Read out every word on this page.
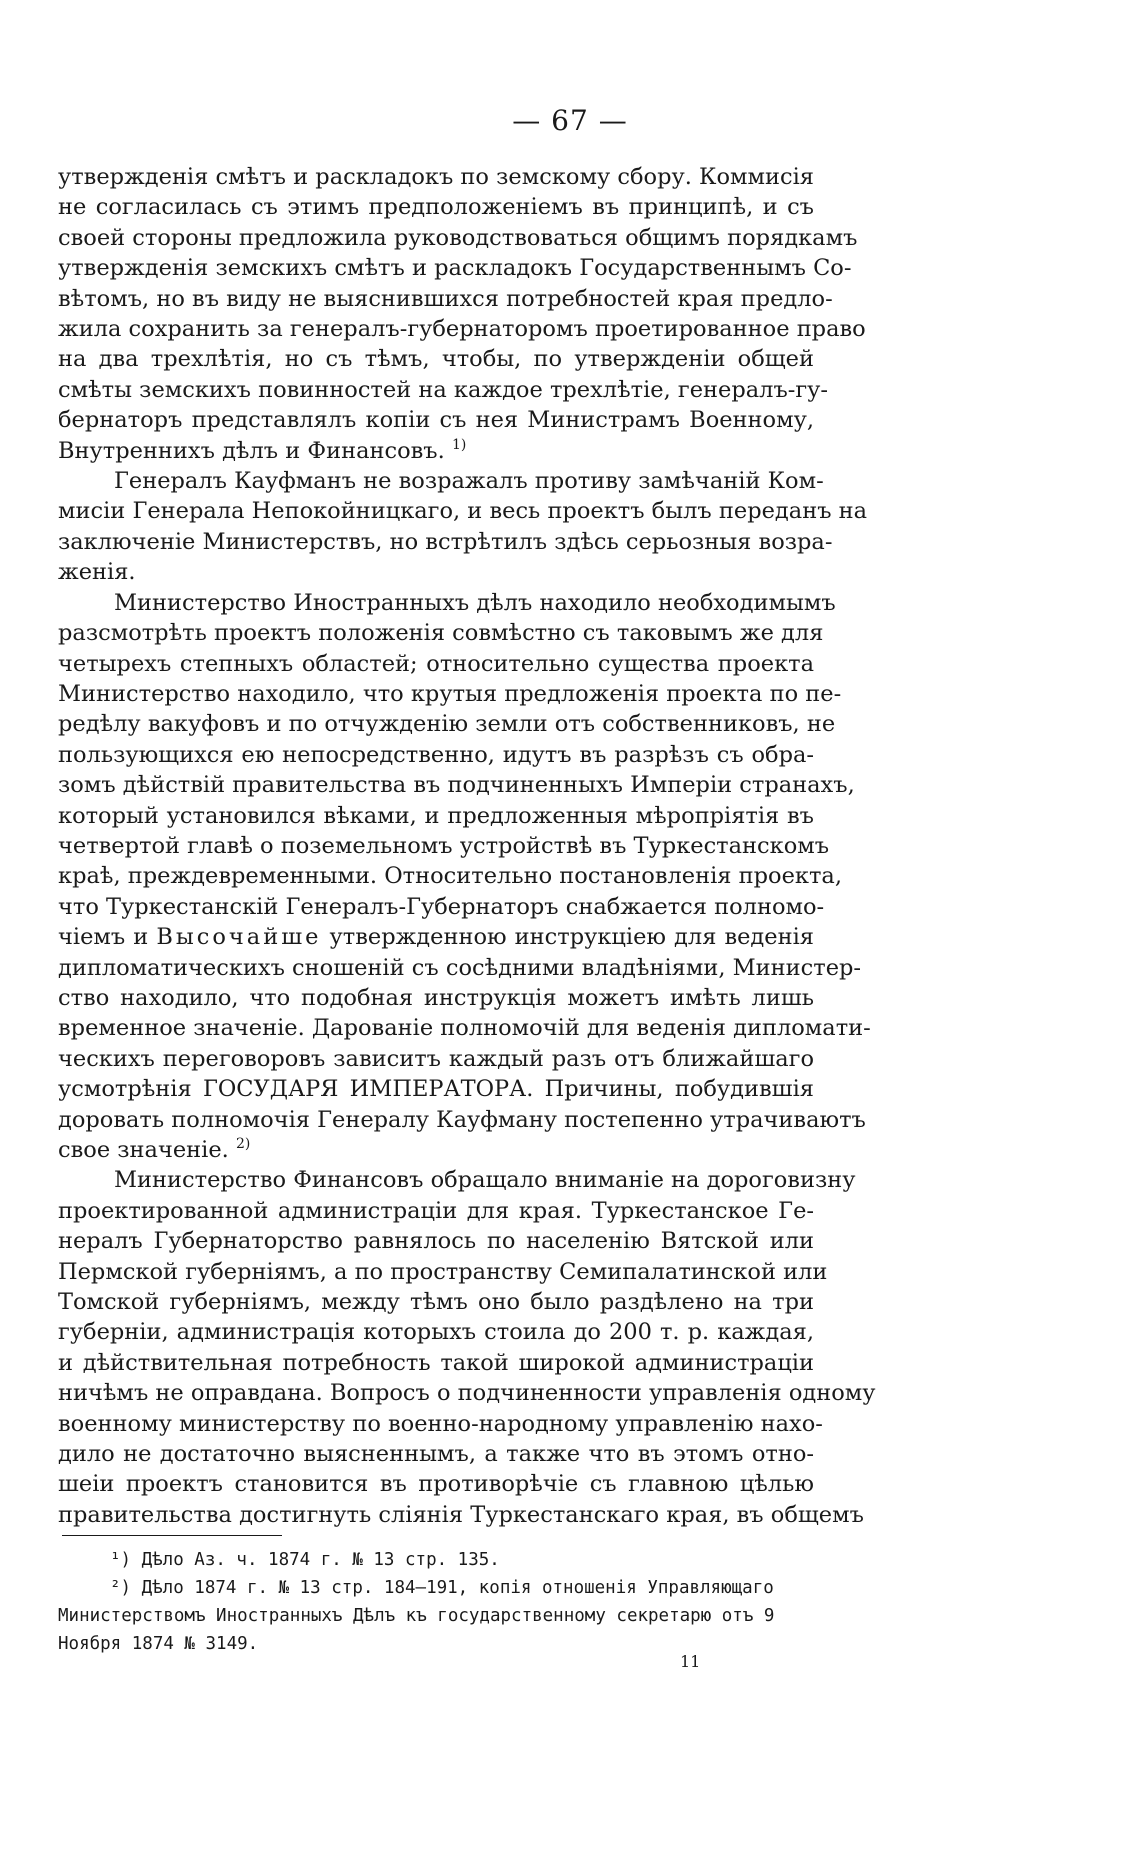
— 67 —

утвержденія смѣтъ и раскладокъ по земскому сбору. Коммисія
не согласилась съ этимъ предположеніемъ въ принципѣ, и съ
своей стороны предложила руководствоваться общимъ порядкамъ
утвержденія земскихъ смѣтъ и раскладокъ Государственнымъ Со-
вѣтомъ, но въ виду не выяснившихся потребностей края предло-
жила сохранить за генералъ-губернаторомъ проетированное право
на два трехлѣтія, но съ тѣмъ, чтобы, по утвержденіи общей
смѣты земскихъ повинностей на каждое трехлѣтіе, генералъ-гу-
бернаторъ представлялъ копіи съ нея Министрамъ Военному,
Внутреннихъ дѣлъ и Финансовъ. $^{1)}$

Генералъ Кауфманъ не возражалъ противу замѣчаній Ком-
мисіи Генерала Непокойницкаго, и весь проектъ былъ переданъ на
заключеніе Министерствъ, но встрѣтилъ здѣсь серьозныя возра-
женія.

Министерство Иностранныхъ дѣлъ находило необходимымъ
разсмотрѣть проектъ положенія совмѣстно съ таковымъ же для
четырехъ степныхъ областей; относительно существа проекта
Министерство находило, что крутыя предложенія проекта по пе-
редѣлу вакуфовъ и по отчужденію земли отъ собственниковъ, не
пользующихся ею непосредственно, идутъ въ разрѣзъ съ обра-
зомъ дѣйствій правительства въ подчиненныхъ Имперіи странахъ,
который установился вѣками, и предложенныя мѣропріятія въ
четвертой главѣ о поземельномъ устройствѣ въ Туркестанскомъ
краѣ, преждевременными. Относительно постановленія проекта,
что Туркестанскій Генералъ-Губернаторъ снабжается полномо-
чіемъ и Высочайше утвержденною инструкціею для веденія
дипломатическихъ сношеній съ сосѣдними владѣніями, Министер-
ство находило, что подобная инструкція можетъ имѣть лишь
временное значеніе. Дарованіе полномочій для веденія дипломати-
ческихъ переговоровъ зависитъ каждый разъ отъ ближайшаго
усмотрѣнія ГОСУДАРЯ ИМПЕРАТОРА. Причины, побудившія
доровать полномочія Генералу Кауфману постепенно утрачиваютъ
свое значеніе. $^{2)}$

Министерство Финансовъ обращало вниманіе на дороговизну
проектированной администраціи для края. Туркестанское Ге-
нералъ Губернаторство равнялось по населенію Вятской или
Пермской губерніямъ, а по пространству Семипалатинской или
Томской губерніямъ, между тѣмъ оно было раздѣлено на три
губерніи, администрація которыхъ стоила до 200 т. р. каждая,
и дѣйствительная потребность такой широкой администраціи
ничѣмъ не оправдана. Вопросъ о подчиненности управленія одному
военному министерству по военно-народному управленію нахо-
дило не достаточно выясненнымъ, а также что въ этомъ отно-
шеіи проектъ становится въ противорѣчіе съ главною цѣлью
правительства достигнуть слiянія Туркестанскаго края, въ общемъ

¹) Дѣло Аз. ч. 1874 г. № 13 стр. 135.
²) Дѣло 1874 г. № 13 стр. 184—191, копія отношенія Управляющаго
Министерствомъ Иностранныхъ Дѣлъ къ государственному секретарю отъ 9
Ноября 1874 № 3149.
11
